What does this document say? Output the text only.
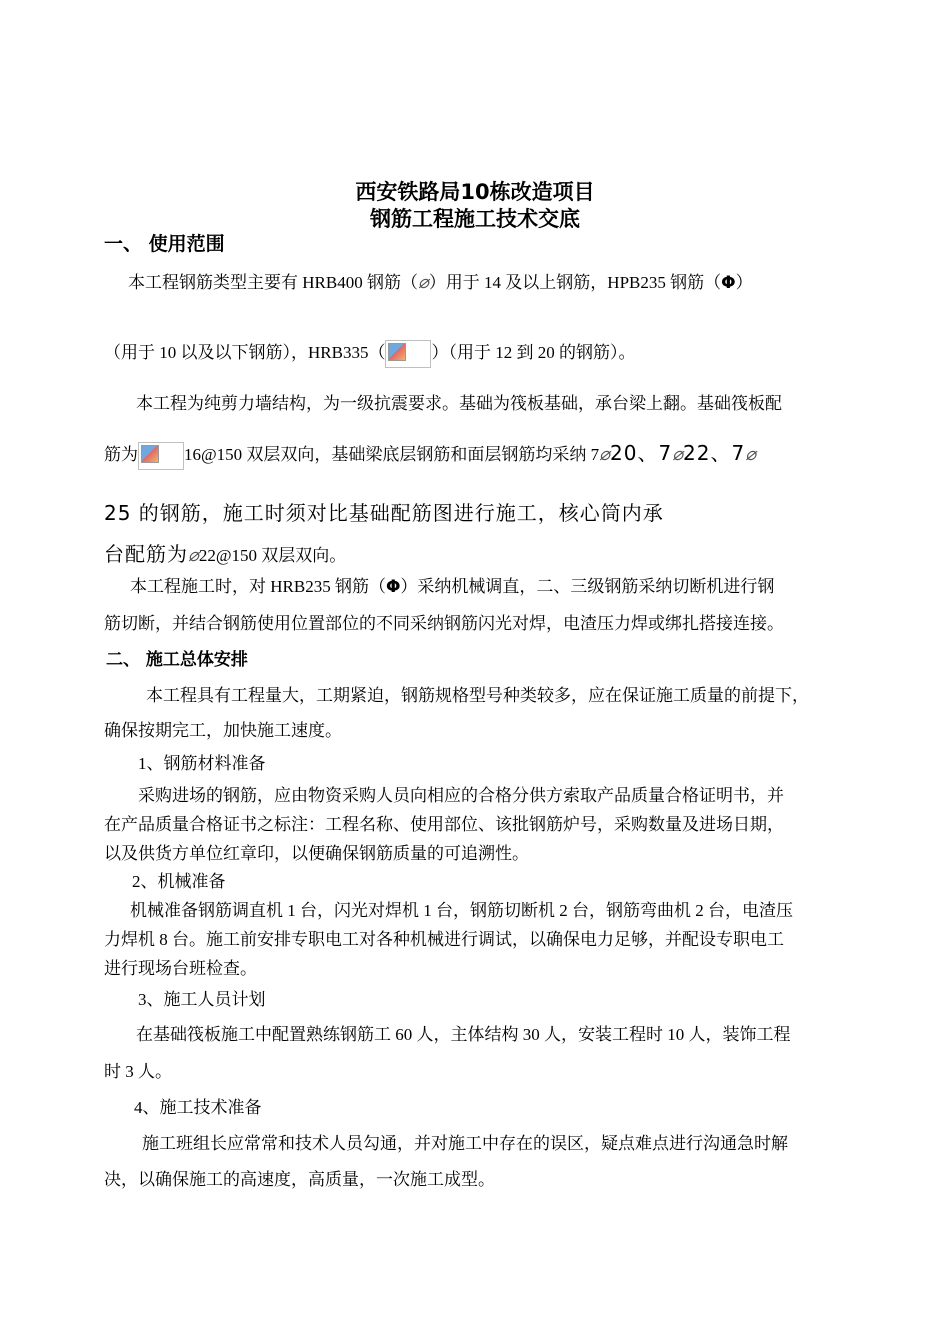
西安铁路局10栋改造项目
钢筋工程施工技术交底
一、 使用范围
本工程钢筋类型主要有 HRB400 钢筋（⌀）用于 14 及以上钢筋，HPB235 钢筋（Φ）
（用于 10 以及以下钢筋），HRB335（	）（用于 12 到 20 的钢筋）。
本工程为纯剪力墙结构，为一级抗震要求。基础为筏板基础，承台梁上翻。基础筏板配
筋为	16@150 双层双向，基础梁底层钢筋和面层钢筋均采纳 7⌀20、7⌀22、7⌀
25 的钢筋，施工时须对比基础配筋图进行施工，核心筒内承
台配筋为⌀22@150 双层双向。
本工程施工时，对 HRB235 钢筋（Φ）采纳机械调直，二、三级钢筋采纳切断机进行钢
筋切断，并结合钢筋使用位置部位的不同采纳钢筋闪光对焊，电渣压力焊或绑扎搭接连接。
二、 施工总体安排
本工程具有工程量大，工期紧迫，钢筋规格型号种类较多，应在保证施工质量的前提下，
确保按期完工，加快施工速度。
1、钢筋材料准备
采购进场的钢筋，应由物资采购人员向相应的合格分供方索取产品质量合格证明书，并
在产品质量合格证书之标注：工程名称、使用部位、该批钢筋炉号，采购数量及进场日期，
以及供货方单位红章印，以便确保钢筋质量的可追溯性。
2、机械准备
机械准备钢筋调直机 1 台，闪光对焊机 1 台，钢筋切断机 2 台，钢筋弯曲机 2 台，电渣压
力焊机 8 台。施工前安排专职电工对各种机械进行调试，以确保电力足够，并配设专职电工
进行现场台班检查。
3、施工人员计划
在基础筏板施工中配置熟练钢筋工 60 人，主体结构 30 人，安装工程时 10 人，装饰工程
时 3 人。
4、施工技术准备
施工班组长应常常和技术人员勾通，并对施工中存在的误区，疑点难点进行沟通急时解
决，以确保施工的高速度，高质量，一次施工成型。
